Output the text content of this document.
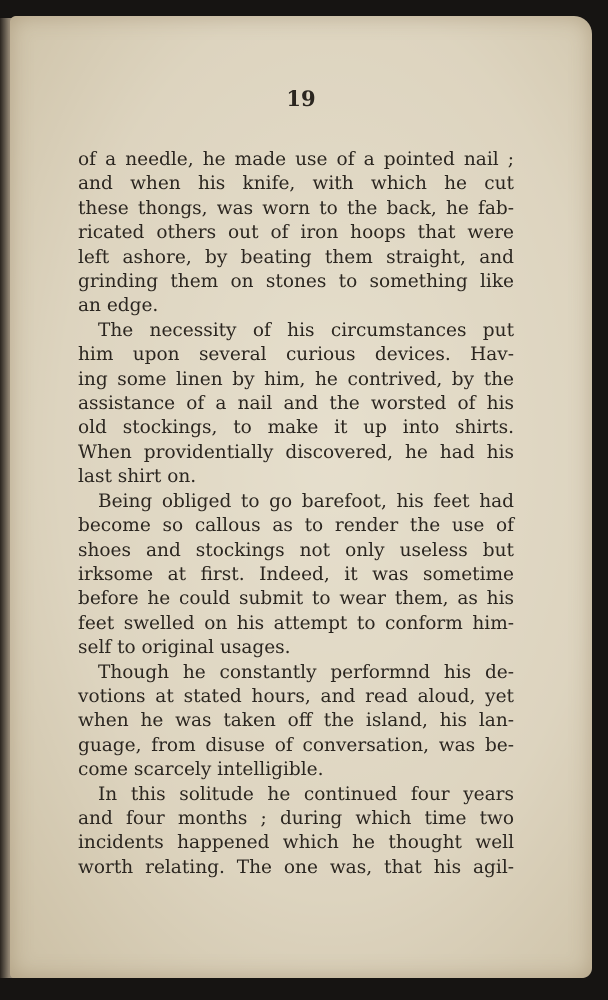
19
of a needle, he made use of a pointed nail ;
and when his knife, with which he cut
these thongs, was worn to the back, he fab-
ricated others out of iron hoops that were
left ashore, by beating them straight, and
grinding them on stones to something like
an edge.
The necessity of his circumstances put
him upon several curious devices. Hav-
ing some linen by him, he contrived, by the
assistance of a nail and the worsted of his
old stockings, to make it up into shirts.
When providentially discovered, he had his
last shirt on.
Being obliged to go barefoot, his feet had
become so callous as to render the use of
shoes and stockings not only useless but
irksome at first. Indeed, it was sometime
before he could submit to wear them, as his
feet swelled on his attempt to conform him-
self to original usages.
Though he constantly performnd his de-
votions at stated hours, and read aloud, yet
when he was taken off the island, his lan-
guage, from disuse of conversation, was be-
come scarcely intelligible.
In this solitude he continued four years
and four months ; during which time two
incidents happened which he thought well
worth relating. The one was, that his agil-
